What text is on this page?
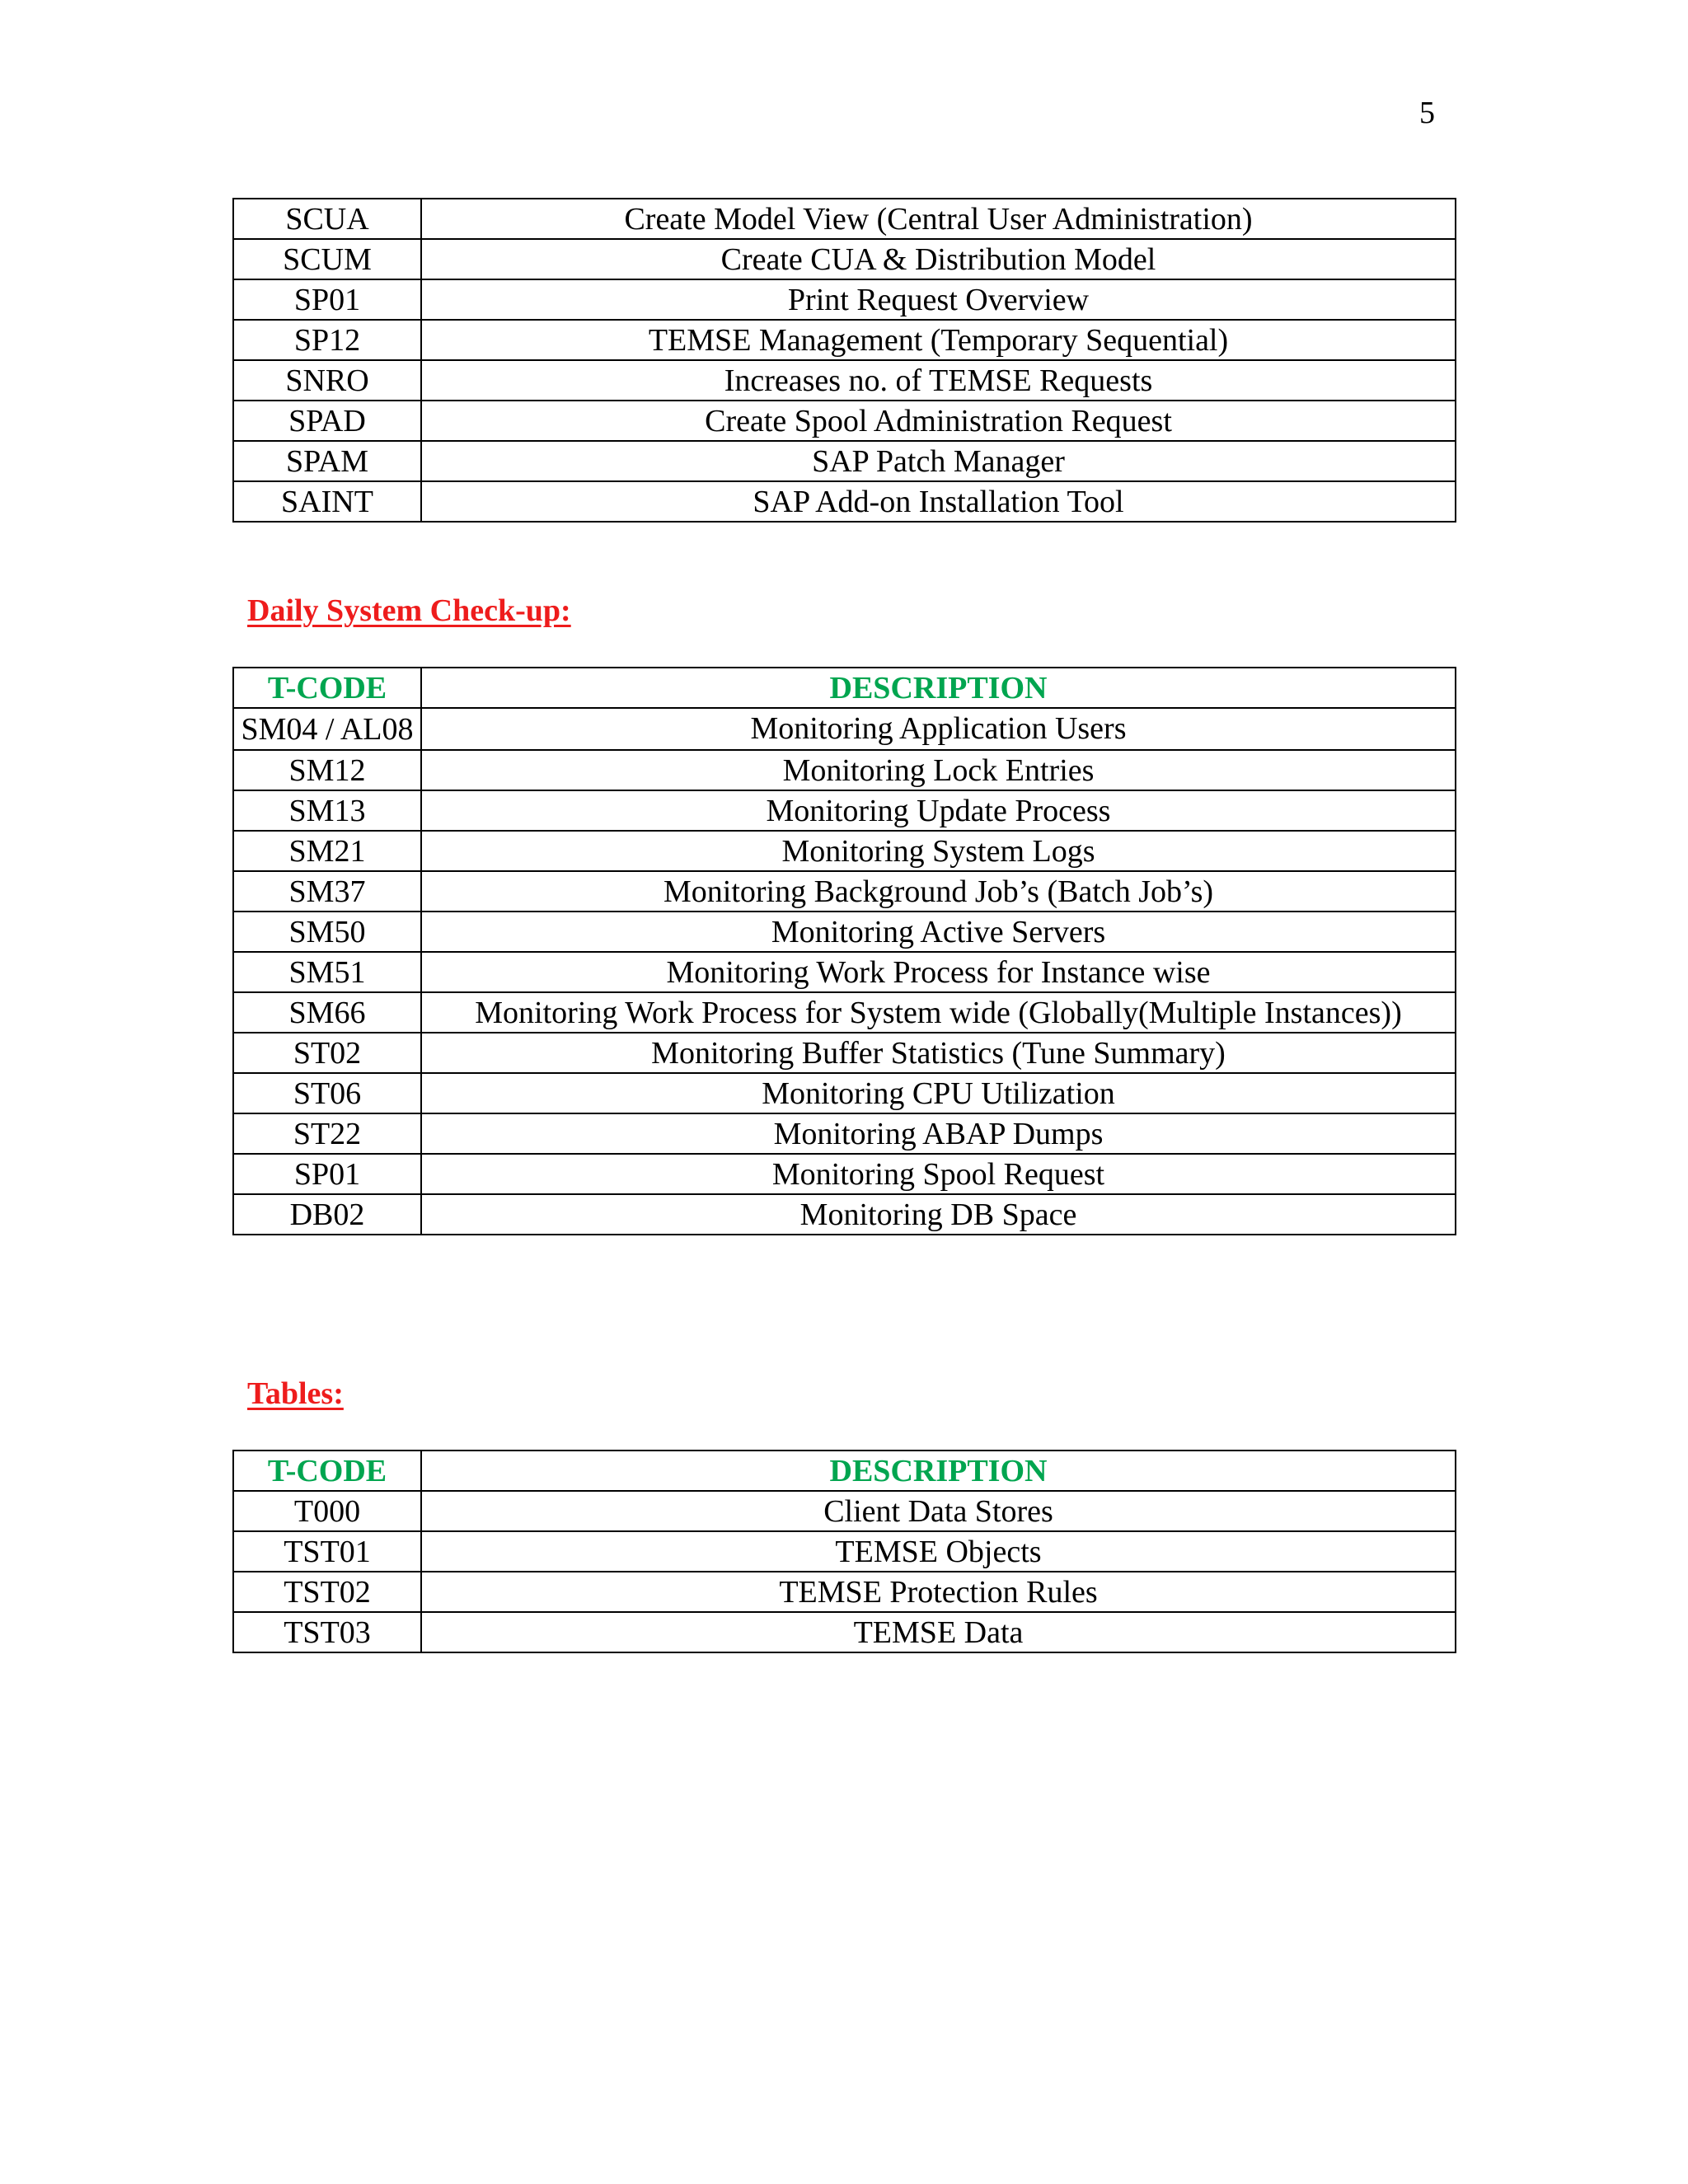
5
SCUA	Create Model View (Central User Administration)
SCUM	Create CUA & Distribution Model
SP01	Print Request Overview
SP12	TEMSE Management (Temporary Sequential)
SNRO	Increases no. of TEMSE Requests
SPAD	Create Spool Administration Request
SPAM	SAP Patch Manager
SAINT	SAP Add-on Installation Tool
Daily System Check-up:
T-CODE	DESCRIPTION
SM04 / AL08	Monitoring Application Users
SM12	Monitoring Lock Entries
SM13	Monitoring Update Process
SM21	Monitoring System Logs
SM37	Monitoring Background Job’s (Batch Job’s)
SM50	Monitoring Active Servers
SM51	Monitoring Work Process for Instance wise
SM66	Monitoring Work Process for System wide (Globally(Multiple Instances))
ST02	Monitoring Buffer Statistics (Tune Summary)
ST06	Monitoring CPU Utilization
ST22	Monitoring ABAP Dumps
SP01	Monitoring Spool Request
DB02	Monitoring DB Space
Tables:
T-CODE	DESCRIPTION
T000	Client Data Stores
TST01	TEMSE Objects
TST02	TEMSE Protection Rules
TST03	TEMSE Data
